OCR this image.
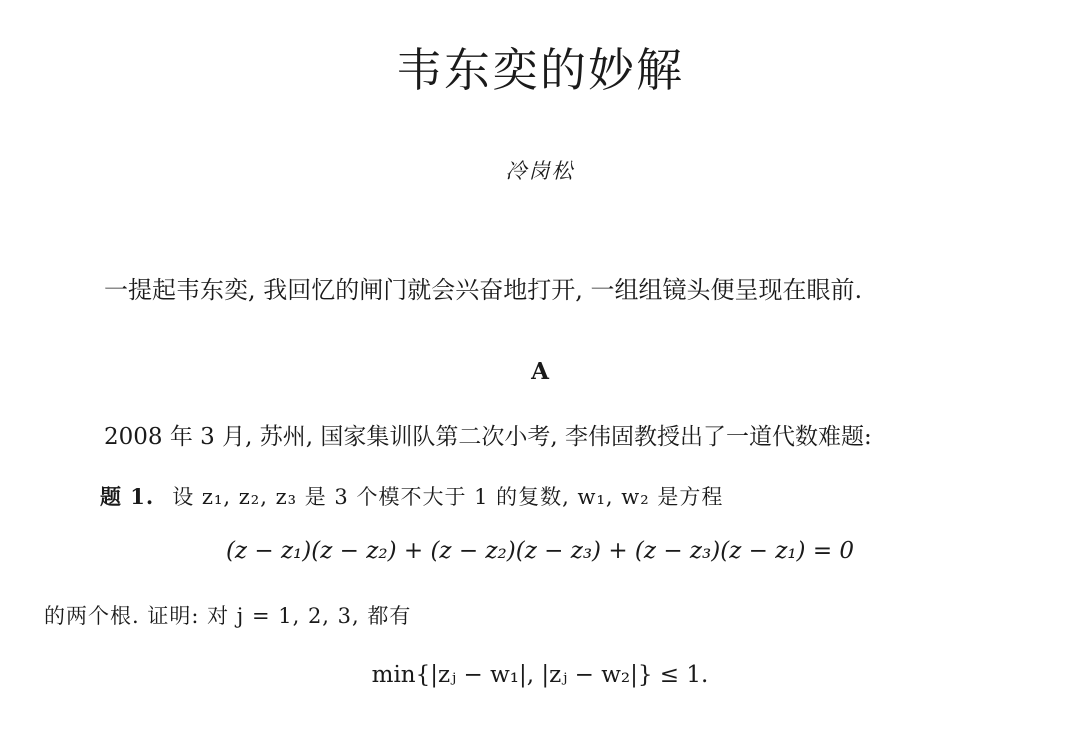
韦东奕的妙解
冷岗松
一提起韦东奕, 我回忆的闸门就会兴奋地打开, 一组组镜头便呈现在眼前.
A
2008 年 3 月, 苏州, 国家集训队第二次小考, 李伟固教授出了一道代数难题:
题 1. 设 z₁, z₂, z₃ 是 3 个模不大于 1 的复数, w₁, w₂ 是方程
(z − z₁)(z − z₂) + (z − z₂)(z − z₃) + (z − z₃)(z − z₁) = 0
的两个根. 证明: 对 j = 1, 2, 3, 都有
min{|zⱼ − w₁|, |zⱼ − w₂|} ≤ 1.
